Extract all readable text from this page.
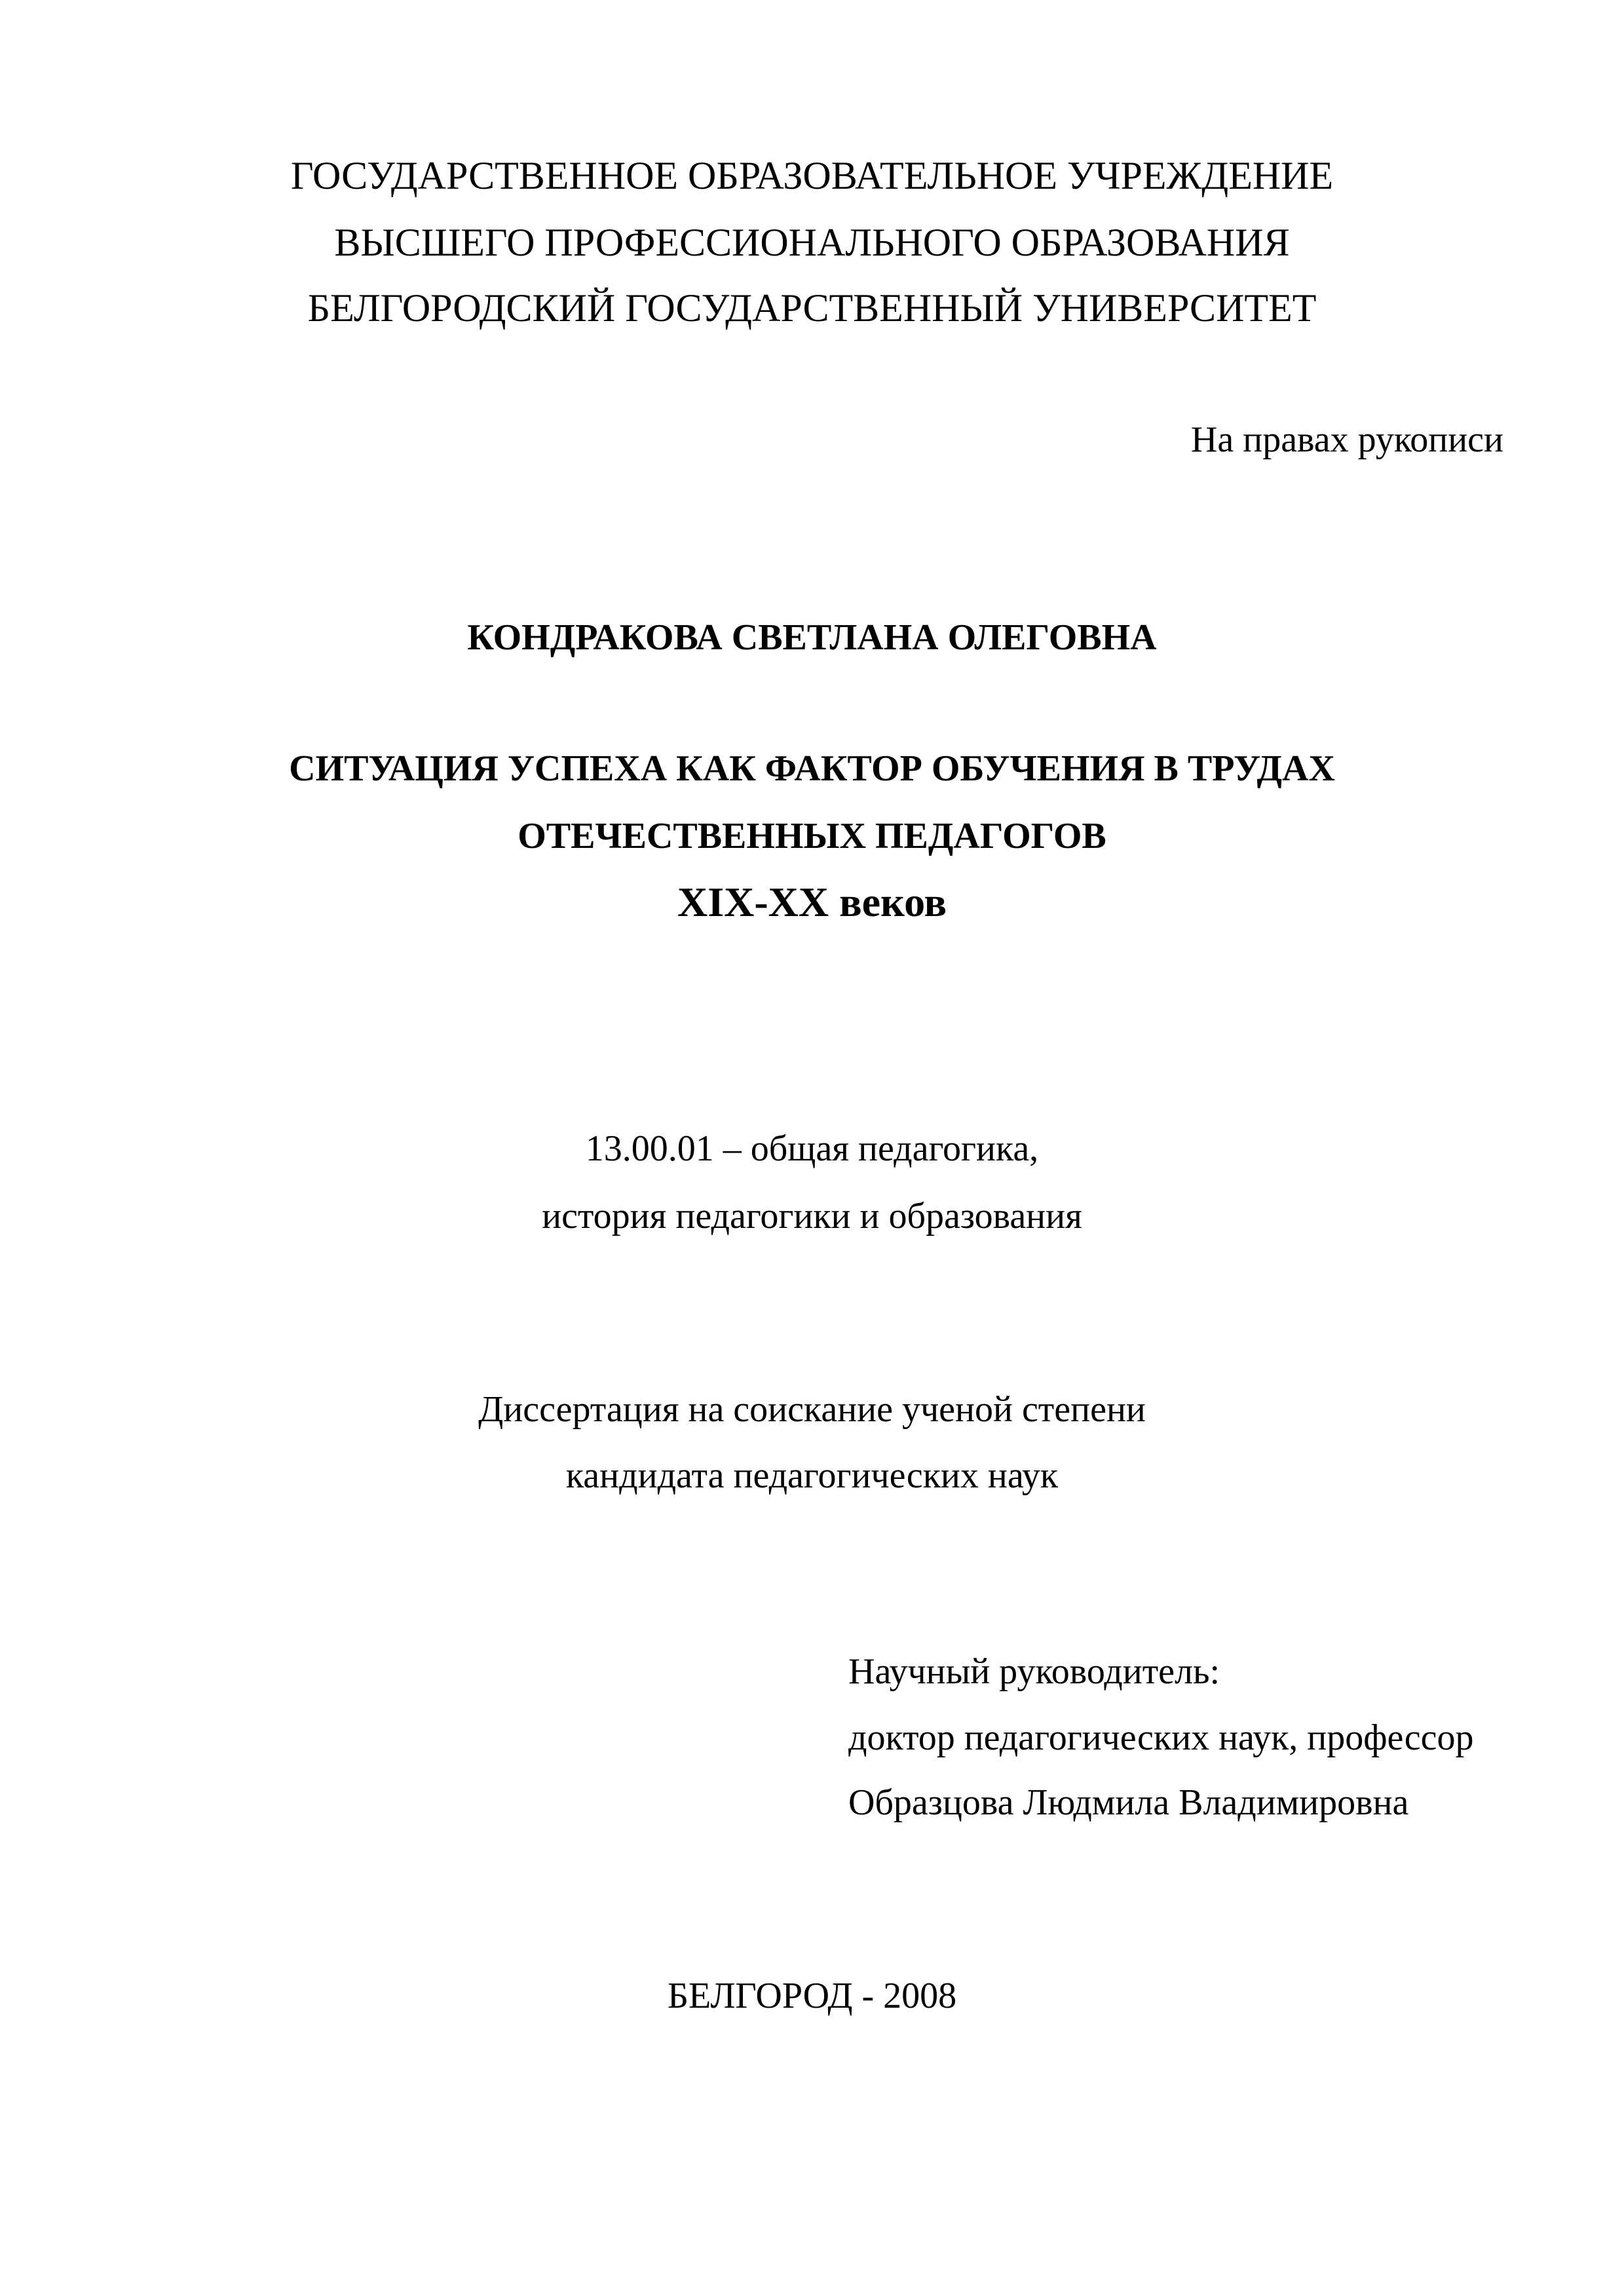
ГОСУДАРСТВЕННОЕ ОБРАЗОВАТЕЛЬНОЕ УЧРЕЖДЕНИЕ
ВЫСШЕГО ПРОФЕССИОНАЛЬНОГО ОБРАЗОВАНИЯ
БЕЛГОРОДСКИЙ ГОСУДАРСТВЕННЫЙ УНИВЕРСИТЕТ
На правах рукописи
КОНДРАКОВА СВЕТЛАНА ОЛЕГОВНА
СИТУАЦИЯ УСПЕХА КАК ФАКТОР ОБУЧЕНИЯ В ТРУДАХ
ОТЕЧЕСТВЕННЫХ ПЕДАГОГОВ
XIX-XX веков
13.00.01 – общая педагогика,
история педагогики и образования
Диссертация на соискание ученой степени
кандидата педагогических наук
Научный руководитель:
доктор педагогических наук, профессор
Образцова Людмила Владимировна
БЕЛГОРОД - 2008
